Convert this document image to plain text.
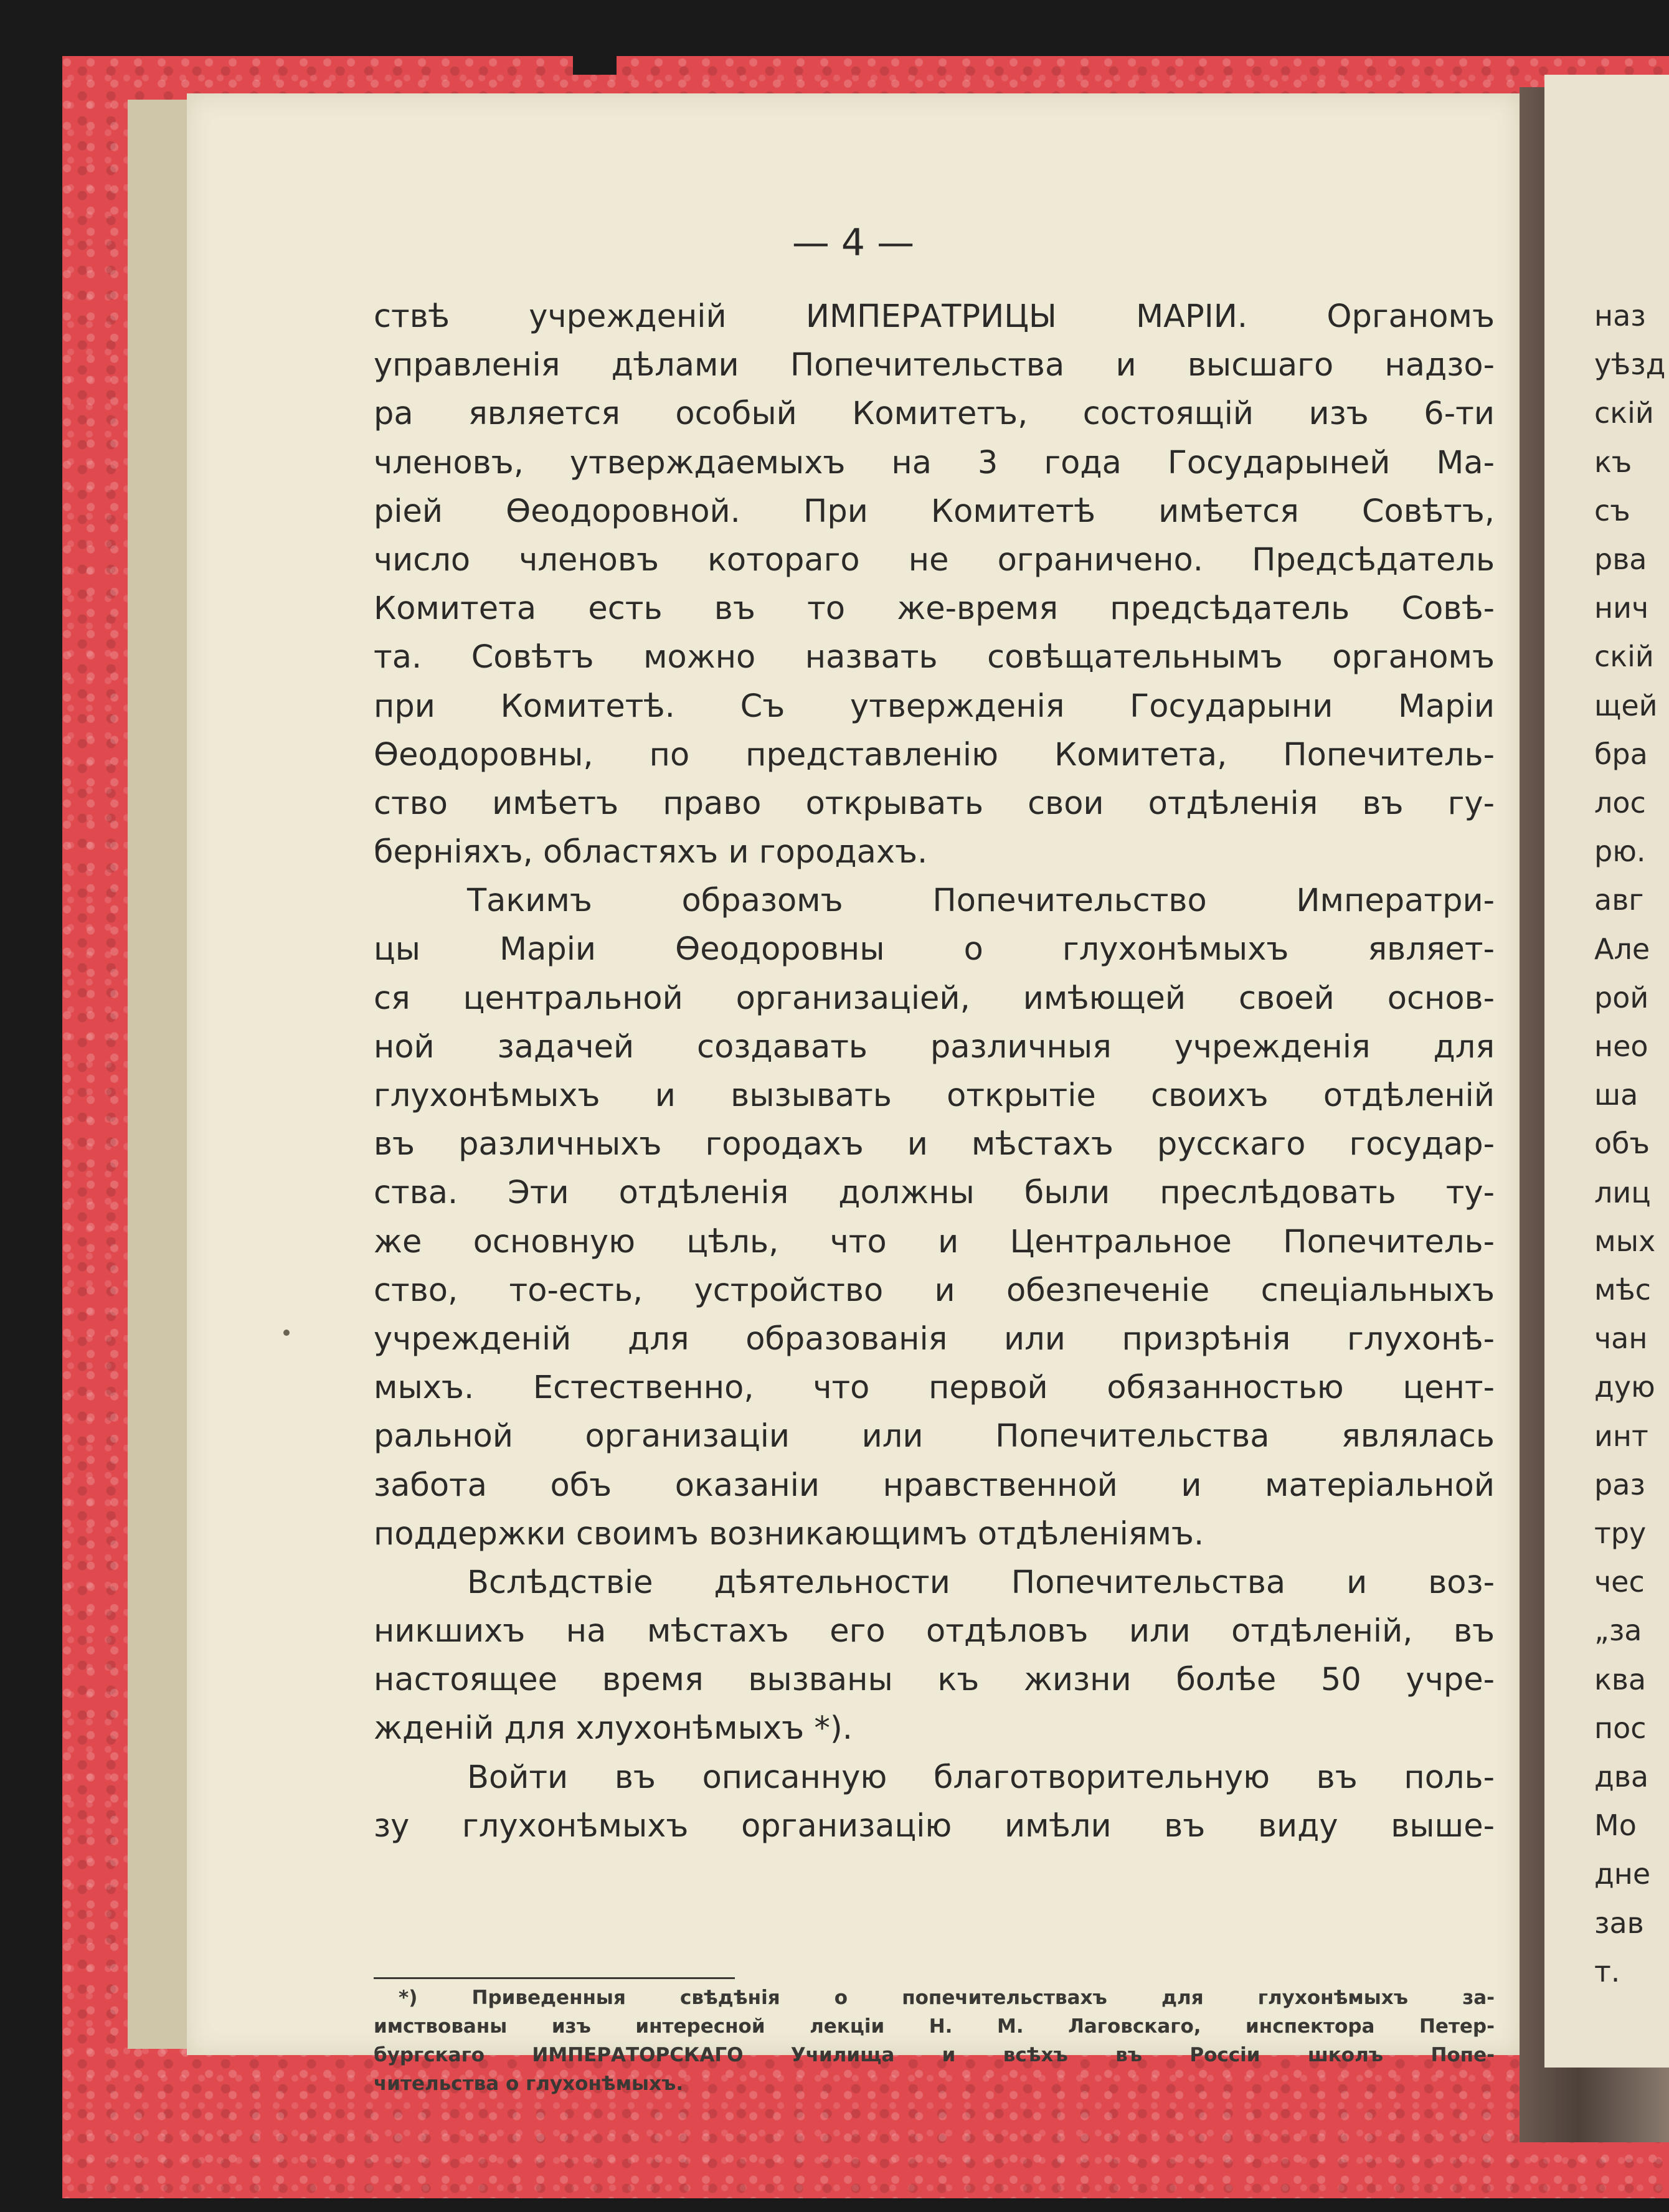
наз
уѣзд
скій
къ
съ
рва
нич
скій
щей
бра
лос
рю.
авг
Але
рой
нео
ша
объ
лиц
мых
мѣс
чан
дую
инт
раз
тру
чес
„за
ква
пос
два
Мо
дне
зав
т.
— 4 —
ствѣ учрежденій ИМПЕРАТРИЦЫ МАРІИ. Органомъ
управленія дѣлами Попечительства и высшаго надзо-
ра является особый Комитетъ, состоящій изъ 6-ти
членовъ, утверждаемыхъ на 3 года Государыней Ма-
ріей Ѳеодоровной. При Комитетѣ имѣется Совѣтъ,
число членовъ котораго не ограничено. Предсѣдатель
Комитета есть въ то же-время предсѣдатель Совѣ-
та. Совѣтъ можно назвать совѣщательнымъ органомъ
при Комитетѣ. Съ утвержденія Государыни Маріи
Ѳеодоровны, по представленію Комитета, Попечитель-
ство имѣетъ право открывать свои отдѣленія въ гу-
берніяхъ, областяхъ и городахъ.
Такимъ образомъ Попечительство Императри-
цы Маріи Ѳеодоровны о глухонѣмыхъ являет-
ся центральной организаціей, имѣющей своей основ-
ной задачей создавать различныя учрежденія для
глухонѣмыхъ и вызывать открытіе своихъ отдѣленій
въ различныхъ городахъ и мѣстахъ русскаго государ-
ства. Эти отдѣленія должны были преслѣдовать ту-
же основную цѣль, что и Центральное Попечитель-
ство, то-есть, устройство и обезпеченіе спеціальныхъ
учрежденій для образованія или призрѣнія глухонѣ-
мыхъ. Естественно, что первой обязанностью цент-
ральной организаціи или Попечительства являлась
забота объ оказаніи нравственной и матеріальной
поддержки своимъ возникающимъ отдѣленіямъ.
Вслѣдствіе дѣятельности Попечительства и воз-
никшихъ на мѣстахъ его отдѣловъ или отдѣленій, въ
настоящее время вызваны къ жизни болѣе 50 учре-
жденій для хлухонѣмыхъ *).
Войти въ описанную благотворительную въ поль-
зу глухонѣмыхъ организацію имѣли въ виду выше-
*) Приведенныя свѣдѣнія о попечительствахъ для глухонѣмыхъ за-
имствованы изъ интересной лекціи Н. М. Лаговскаго, инспектора Петер-
бургскаго ИМПЕРАТОРСКАГО Училища и всѣхъ въ Россіи школъ Попе-
чительства о глухонѣмыхъ.
